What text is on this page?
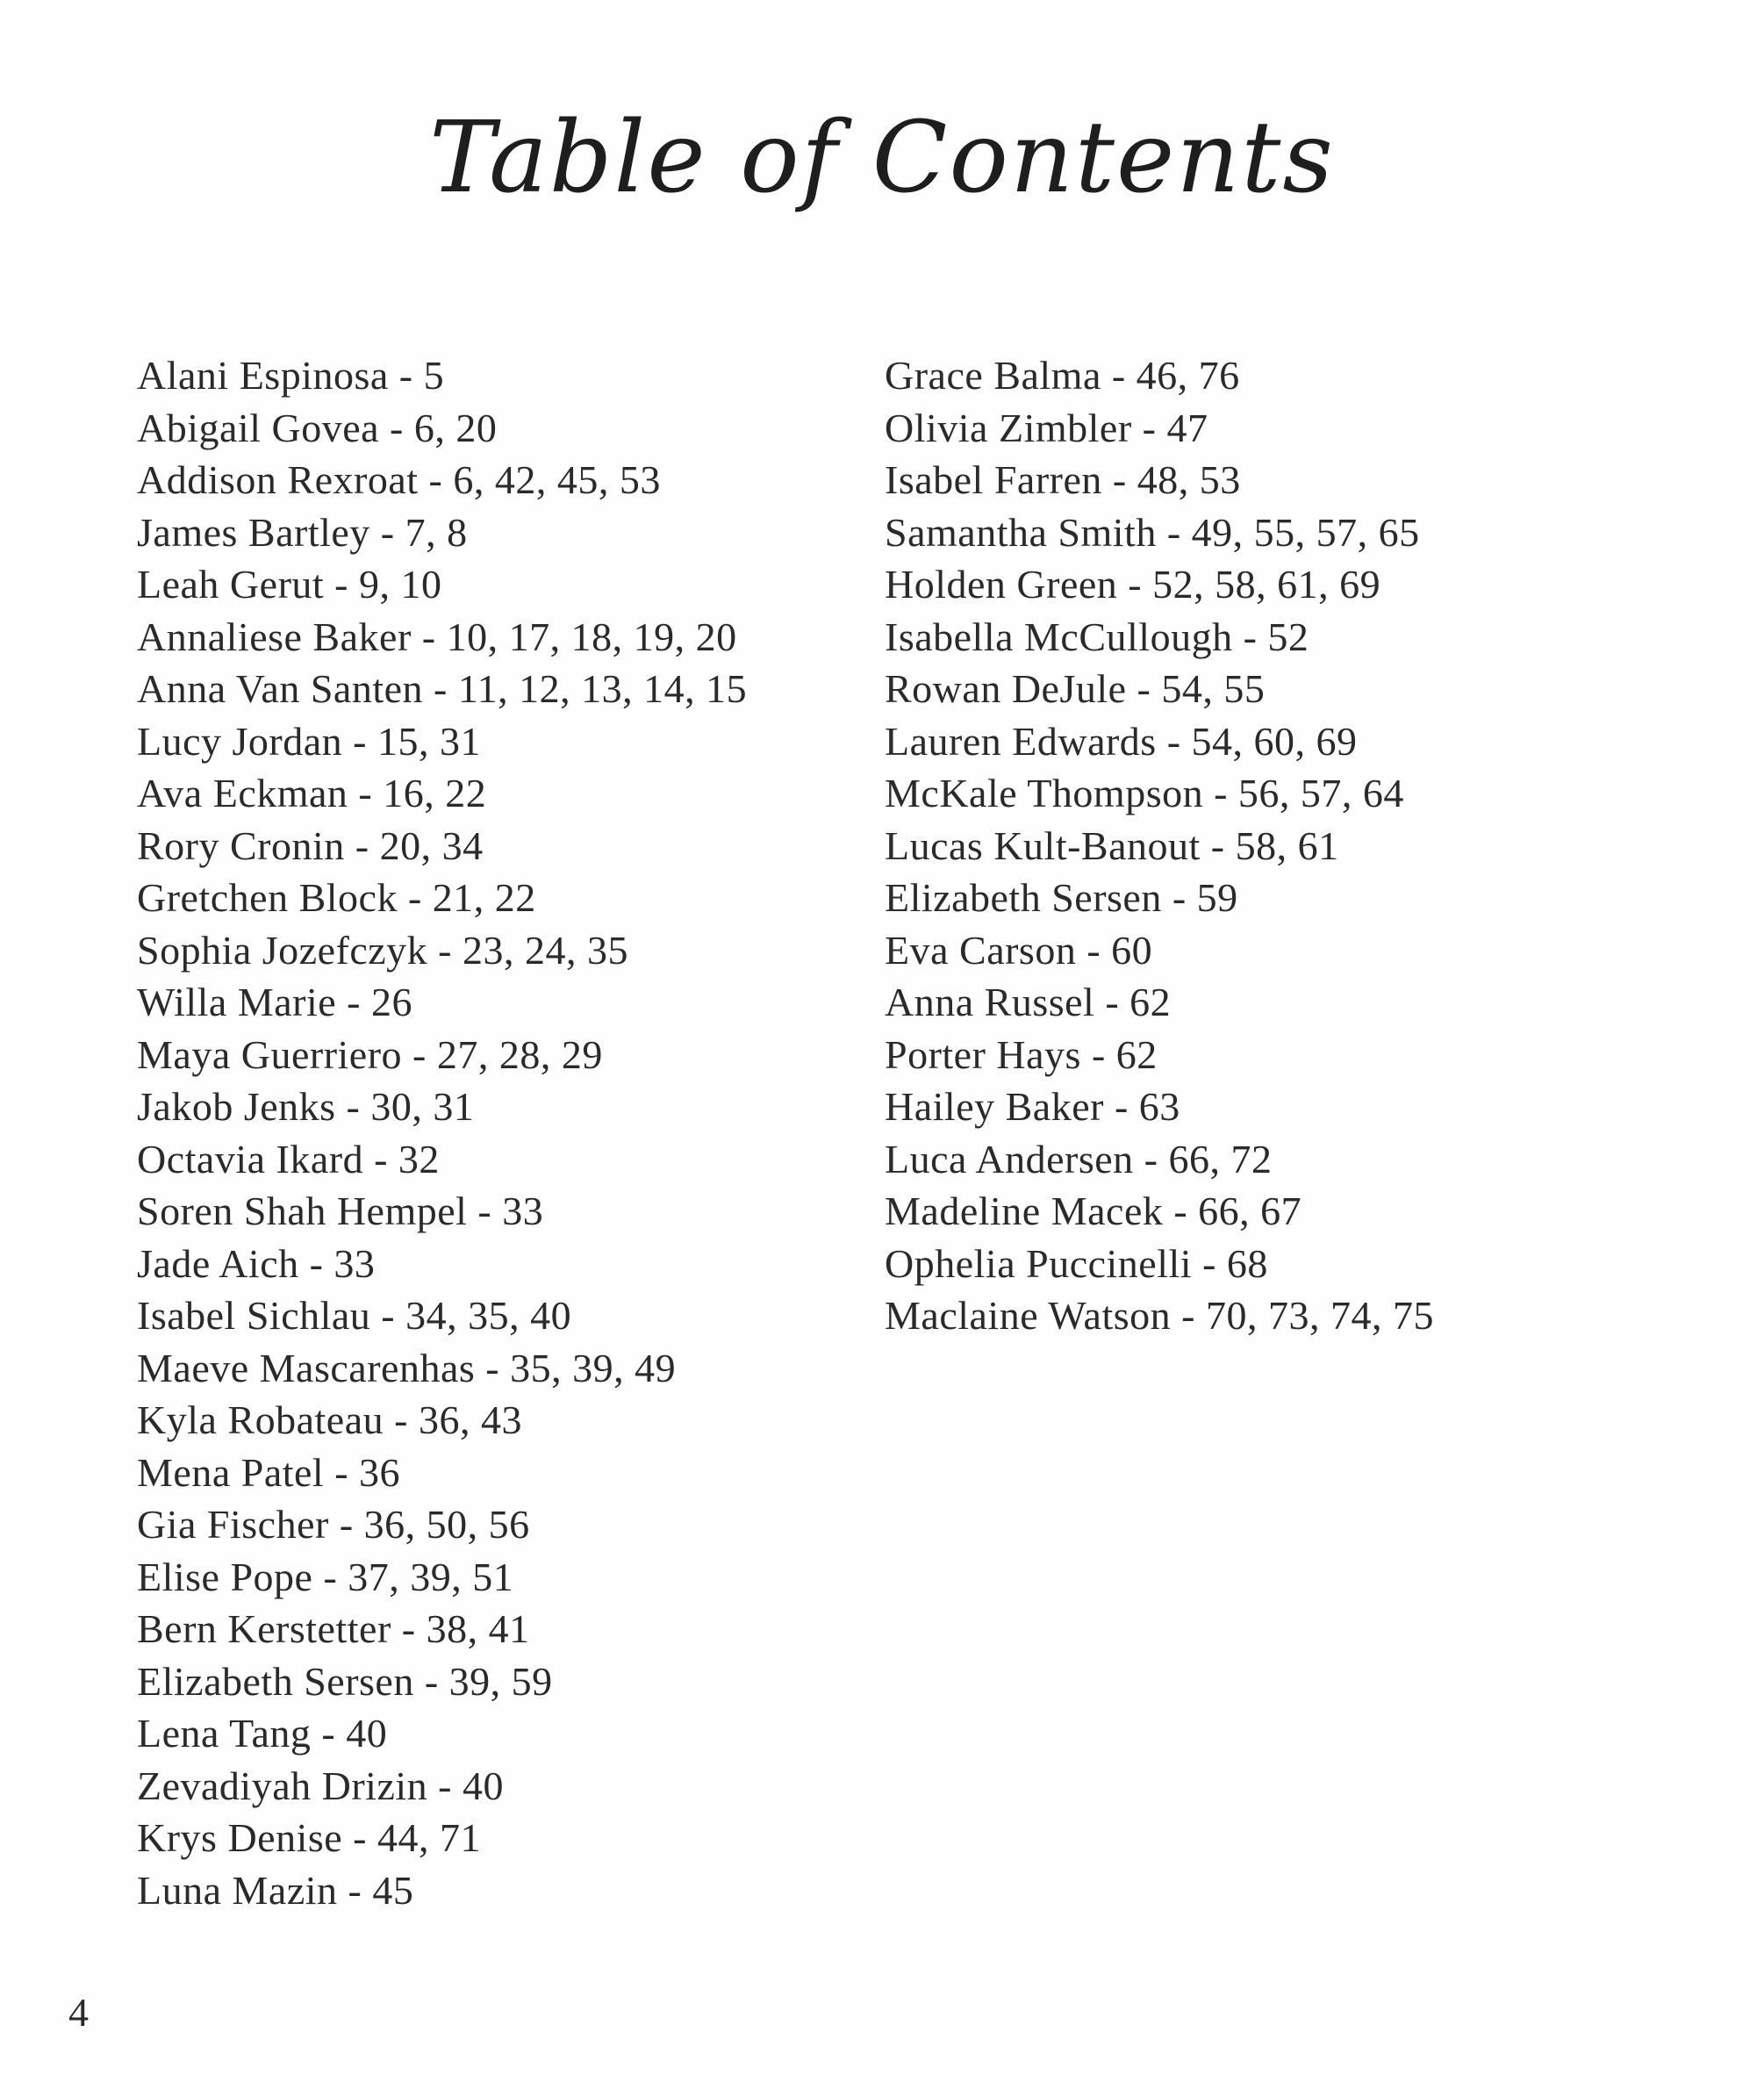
Table of Contents
Alani Espinosa - 5
Abigail Govea - 6, 20
Addison Rexroat - 6, 42, 45, 53
James Bartley - 7, 8
Leah Gerut - 9, 10
Annaliese Baker - 10, 17, 18, 19, 20
Anna Van Santen - 11, 12, 13, 14, 15
Lucy Jordan - 15, 31
Ava Eckman - 16, 22
Rory Cronin - 20, 34
Gretchen Block - 21, 22
Sophia Jozefczyk - 23, 24, 35
Willa Marie - 26
Maya Guerriero - 27, 28, 29
Jakob Jenks - 30, 31
Octavia Ikard - 32
Soren Shah Hempel - 33
Jade Aich - 33
Isabel Sichlau - 34, 35, 40
Maeve Mascarenhas - 35, 39, 49
Kyla Robateau - 36, 43
Mena Patel - 36
Gia Fischer - 36, 50, 56
Elise Pope - 37, 39, 51
Bern Kerstetter - 38, 41
Elizabeth Sersen - 39, 59
Lena Tang - 40
Zevadiyah Drizin - 40
Krys Denise - 44, 71
Luna Mazin - 45
Grace Balma - 46, 76
Olivia Zimbler - 47
Isabel Farren - 48, 53
Samantha Smith - 49, 55, 57, 65
Holden Green - 52, 58, 61, 69
Isabella McCullough - 52
Rowan DeJule - 54, 55
Lauren Edwards - 54, 60, 69
McKale Thompson - 56, 57, 64
Lucas Kult-Banout - 58, 61
Elizabeth Sersen - 59
Eva Carson - 60
Anna Russel - 62
Porter Hays - 62
Hailey Baker - 63
Luca Andersen - 66, 72
Madeline Macek - 66, 67
Ophelia Puccinelli - 68
Maclaine Watson - 70, 73, 74, 75
4
